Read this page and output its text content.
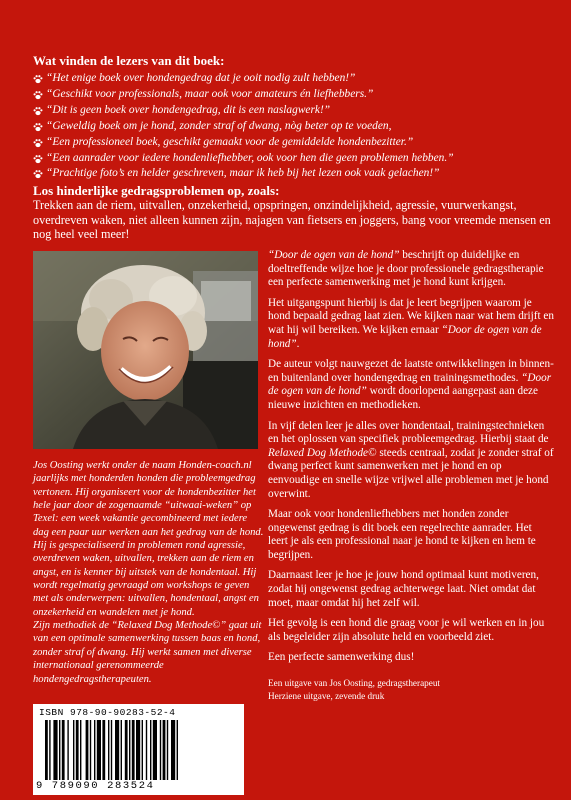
Wat vinden de lezers van dit boek:
“Het enige boek over hondengedrag dat je ooit nodig zult hebben!”
“Geschikt voor professionals, maar ook voor amateurs én liefhebbers.”
“Dit is geen boek over hondengedrag, dit is een naslagwerk!”
“Geweldig boek om je hond, zonder straf of dwang, nòg beter op te voeden,
“Een professioneel boek, geschikt gemaakt voor de gemiddelde hondenbezitter.”
“Een aanrader voor iedere hondenliefhebber, ook voor hen die geen problemen hebben.”
“Prachtige foto’s en helder geschreven, maar ik heb bij het lezen ook vaak gelachen!”
Los hinderlijke gedragsproblemen op, zoals:

Trekken aan de riem, uitvallen, onzekerheid, opspringen, onzindelijkheid, agressie, vuurwerkangst, overdreven waken, niet alleen kunnen zijn, najagen van fietsers en joggers, bang voor vreemde mensen en nog heel veel meer!

Jos Oosting werkt onder de naam Honden-coach.nl jaarlijks met honderden honden die probleemgedrag vertonen. Hij organiseert voor de hondenbezitter het hele jaar door de zogenaamde “uitwaai-weken” op Texel: een week vakantie gecombineerd met iedere dag een paar uur werken aan het gedrag van de hond. Hij is gespecialiseerd in problemen rond agressie, overdreven waken, uitvallen, trekken aan de riem en angst, en is kenner bij uitstek van de hondentaal. Hij wordt regelmatig gevraagd om workshops te geven met als onderwerpen: uitvallen, hondentaal, angst en onzekerheid en wandelen met je hond.

Zijn methodiek de “Relaxed Dog Methode©” gaat uit van een optimale samenwerking tussen baas en hond, zonder straf of dwang. Hij werkt samen met diverse internationaal gerenommeerde hondengedragstherapeuten.

“Door de ogen van de hond” beschrijft op duidelijke en doeltreffende wijze hoe je door professionele gedragstherapie een perfecte samenwerking met je hond kunt krijgen.

Het uitgangspunt hierbij is dat je leert begrijpen waarom je hond bepaald gedrag laat zien. We kijken naar wat hem drijft en wat hij wil bereiken. We kijken ernaar “Door de ogen van de hond”.

De auteur volgt nauwgezet de laatste ontwikkelingen in binnen- en buitenland over hondengedrag en trainingsmethodes. “Door de ogen van de hond” wordt doorlopend aangepast aan deze nieuwe inzichten en methodieken.

In vijf delen leer je alles over hondentaal, trainingstechnieken en het oplossen van specifiek probleemgedrag. Hierbij staat de Relaxed Dog Methode© steeds centraal, zodat je zonder straf of dwang perfect kunt samenwerken met je hond en op eenvoudige en snelle wijze vrijwel alle problemen met je hond overwint.

Maar ook voor hondenliefhebbers met honden zonder ongewenst gedrag is dit boek een regelrechte aanrader. Het leert je als een professional naar je hond te kijken en hem te begrijpen.

Daarnaast leer je hoe je jouw hond optimaal kunt motiveren, zodat hij ongewenst gedrag achterwege laat. Niet omdat dat moet, maar omdat hij het zelf wil.

Het gevolg is een hond die graag voor je wil werken en in jou als begeleider zijn absolute held en voorbeeld ziet.

Een perfecte samenwerking dus!

Een uitgave van Jos Oosting, gedragstherapeut

Herziene uitgave, zevende druk

ISBN 978-90-90283-52-4
9 789090 283524
